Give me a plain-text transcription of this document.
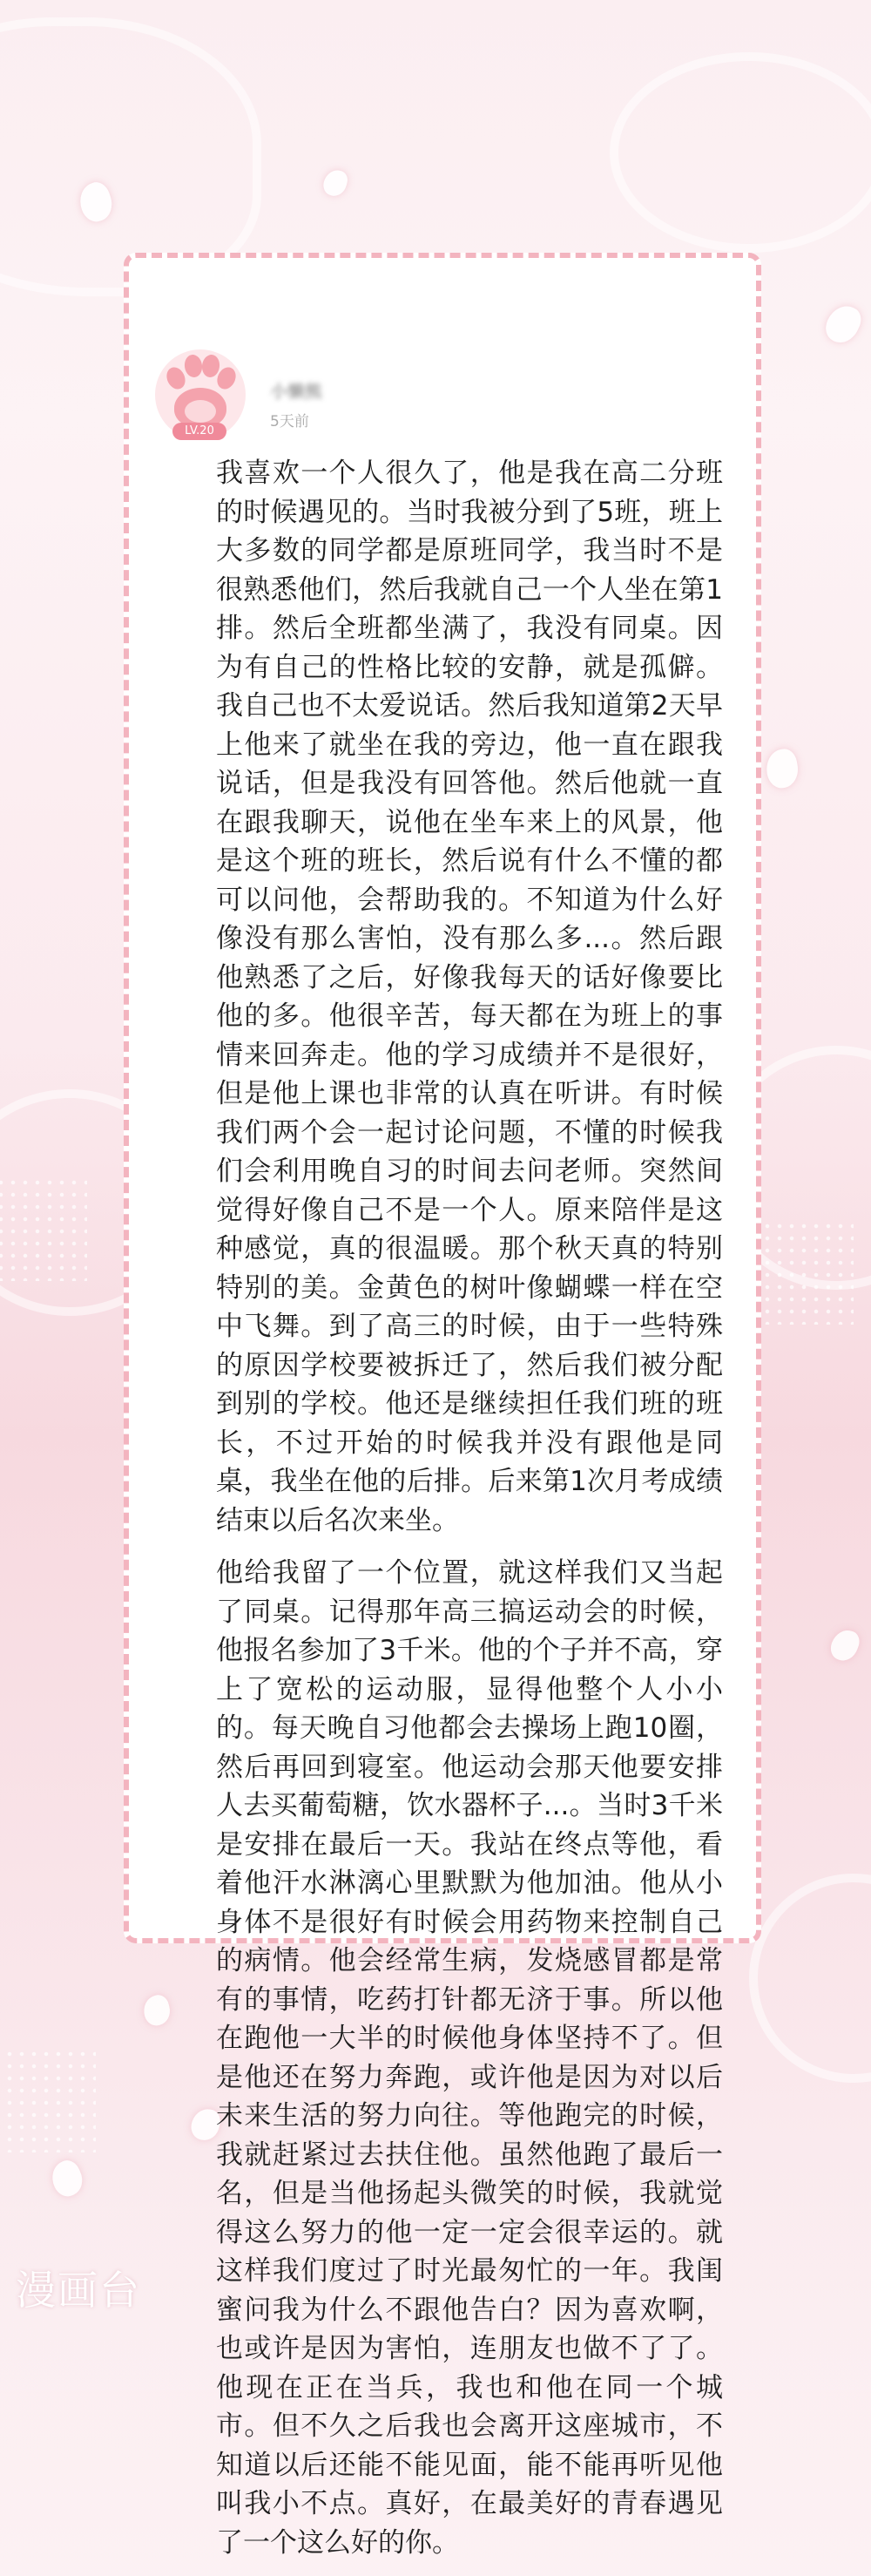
LV.20
小懒熊
5天前

我喜欢一个人很久了，他是我在高二分班的时候遇见的。当时我被分到了5班，班上大多数的同学都是原班同学，我当时不是很熟悉他们，然后我就自己一个人坐在第1排。然后全班都坐满了，我没有同桌。因为有自己的性格比较的安静，就是孤僻。我自己也不太爱说话。然后我知道第2天早上他来了就坐在我的旁边，他一直在跟我说话，但是我没有回答他。然后他就一直在跟我聊天，说他在坐车来上的风景，他是这个班的班长，然后说有什么不懂的都可以问他，会帮助我的。不知道为什么好像没有那么害怕，没有那么多...。然后跟他熟悉了之后，好像我每天的话好像要比他的多。他很辛苦，每天都在为班上的事情来回奔走。他的学习成绩并不是很好，但是他上课也非常的认真在听讲。有时候我们两个会一起讨论问题，不懂的时候我们会利用晚自习的时间去问老师。突然间觉得好像自己不是一个人。原来陪伴是这种感觉，真的很温暖。那个秋天真的特别特别的美。金黄色的树叶像蝴蝶一样在空中飞舞。到了高三的时候，由于一些特殊的原因学校要被拆迁了，然后我们被分配到别的学校。他还是继续担任我们班的班长，不过开始的时候我并没有跟他是同桌，我坐在他的后排。后来第1次月考成绩结束以后名次来坐。

他给我留了一个位置，就这样我们又当起了同桌。记得那年高三搞运动会的时候，他报名参加了3千米。他的个子并不高，穿上了宽松的运动服，显得他整个人小小的。每天晚自习他都会去操场上跑10圈，然后再回到寝室。他运动会那天他要安排人去买葡萄糖，饮水器杯子...。当时3千米是安排在最后一天。我站在终点等他，看着他汗水淋漓心里默默为他加油。他从小身体不是很好有时候会用药物来控制自己的病情。他会经常生病，发烧感冒都是常有的事情，吃药打针都无济于事。所以他在跑他一大半的时候他身体坚持不了。但是他还在努力奔跑，或许他是因为对以后未来生活的努力向往。等他跑完的时候，我就赶紧过去扶住他。虽然他跑了最后一名，但是当他扬起头微笑的时候，我就觉得这么努力的他一定一定会很幸运的。就这样我们度过了时光最匆忙的一年。我闺蜜问我为什么不跟他告白？因为喜欢啊，也或许是因为害怕，连朋友也做不了了。他现在正在当兵，我也和他在同一个城市。但不久之后我也会离开这座城市，不知道以后还能不能见面，能不能再听见他叫我小不点。真好，在最美好的青春遇见了一个这么好的你。

漫画台
